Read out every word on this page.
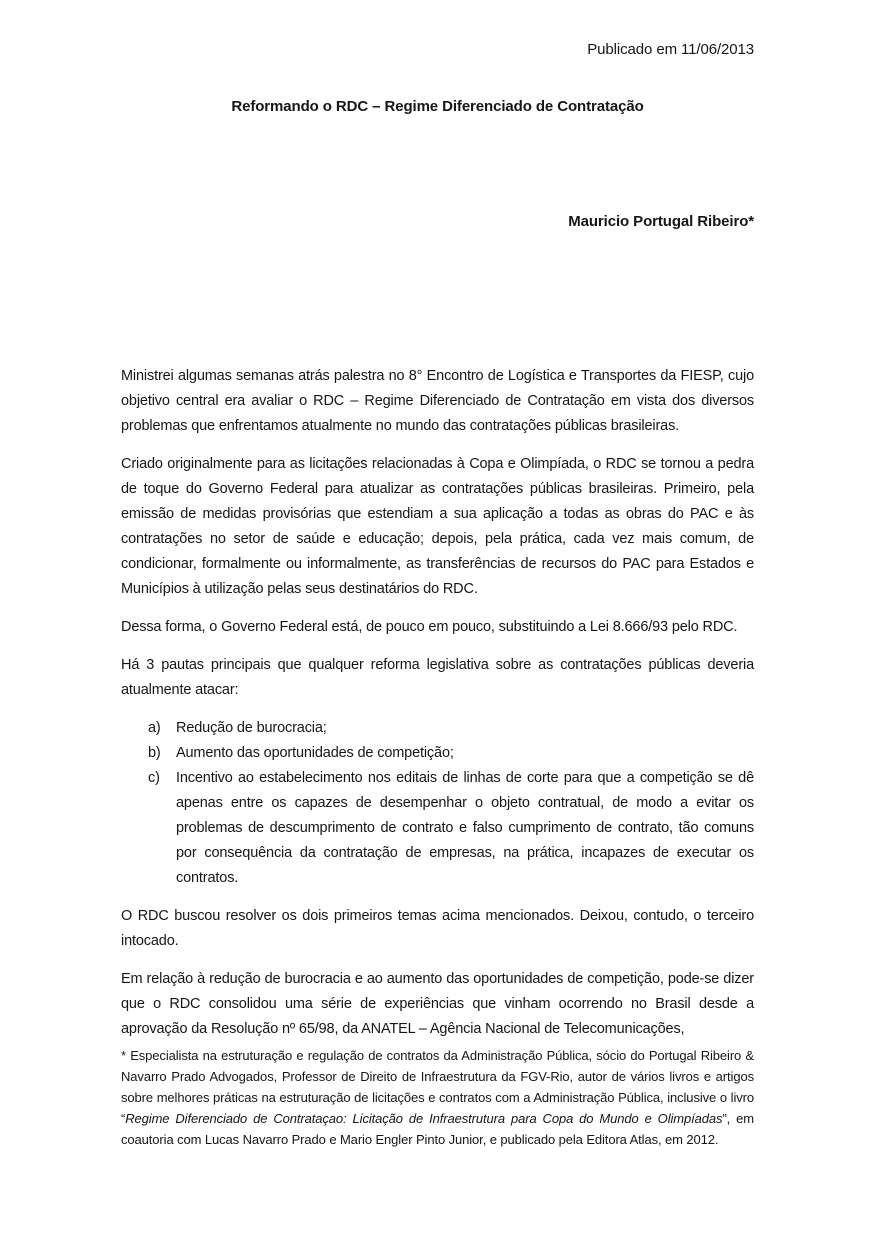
Publicado em 11/06/2013
Reformando o RDC – Regime Diferenciado de Contratação
Mauricio Portugal Ribeiro*

Ministrei algumas semanas atrás palestra no 8° Encontro de Logística e Transportes da FIESP, cujo objetivo central era avaliar o RDC – Regime Diferenciado de Contratação em vista dos diversos problemas que enfrentamos atualmente no mundo das contratações públicas brasileiras.

Criado originalmente para as licitações relacionadas à Copa e Olimpíada, o RDC se tornou a pedra de toque do Governo Federal para atualizar as contratações públicas brasileiras. Primeiro, pela emissão de medidas provisórias que estendiam a sua aplicação a todas as obras do PAC e às contratações no setor de saúde e educação; depois, pela prática, cada vez mais comum, de condicionar, formalmente ou informalmente, as transferências de recursos do PAC para Estados e Municípios à utilização pelas seus destinatários do RDC.

Dessa forma, o Governo Federal está, de pouco em pouco, substituindo a Lei 8.666/93 pelo RDC.

Há 3 pautas principais que qualquer reforma legislativa sobre as contratações públicas deveria atualmente atacar:

a) Redução de burocracia;
b) Aumento das oportunidades de competição;
c) Incentivo ao estabelecimento nos editais de linhas de corte para que a competição se dê apenas entre os capazes de desempenhar o objeto contratual, de modo a evitar os problemas de descumprimento de contrato e falso cumprimento de contrato, tão comuns por consequência da contratação de empresas, na prática, incapazes de executar os contratos.

O RDC buscou resolver os dois primeiros temas acima mencionados. Deixou, contudo, o terceiro intocado.

Em relação à redução de burocracia e ao aumento das oportunidades de competição, pode-se dizer que o RDC consolidou uma série de experiências que vinham ocorrendo no Brasil desde a aprovação da Resolução nº 65/98, da ANATEL – Agência Nacional de Telecomunicações,

* Especialista na estruturação e regulação de contratos da Administração Pública, sócio do Portugal Ribeiro & Navarro Prado Advogados, Professor de Direito de Infraestrutura da FGV-Rio, autor de vários livros e artigos sobre melhores práticas na estruturação de licitações e contratos com a Administração Pública, inclusive o livro “Regime Diferenciado de Contrataçao: Licitação de Infraestrutura para Copa do Mundo e Olimpíadas”, em coautoria com Lucas Navarro Prado e Mario Engler Pinto Junior, e publicado pela Editora Atlas, em 2012.
